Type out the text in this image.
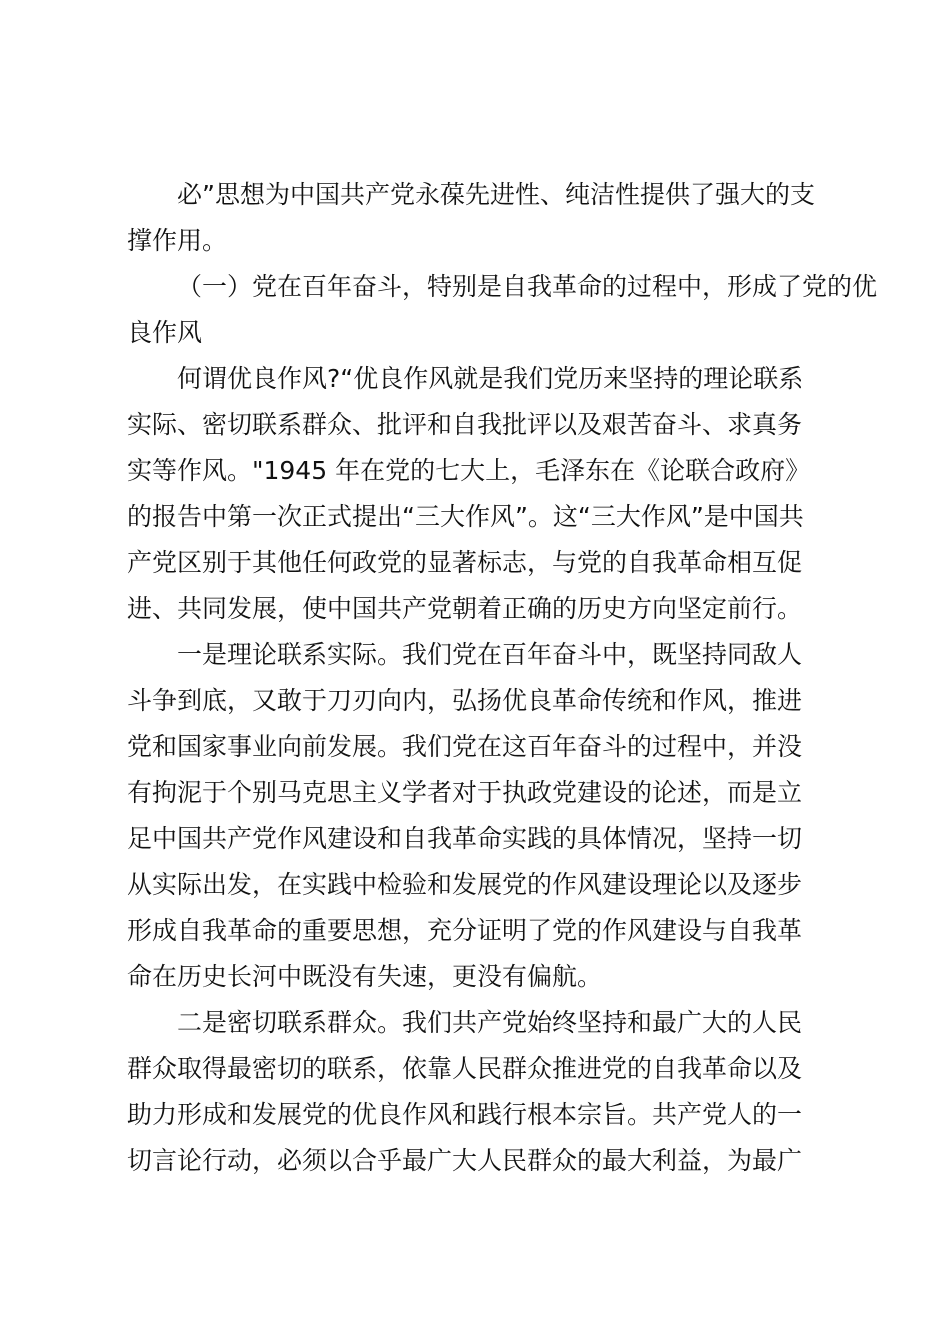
必”思想为中国共产党永葆先进性、纯洁性提供了强大的支
撑作用。
（一）党在百年奋斗，特别是自我革命的过程中，形成了党的优
良作风
何谓优良作风?“优良作风就是我们党历来坚持的理论联系
实际、密切联系群众、批评和自我批评以及艰苦奋斗、求真务
实等作风。"1945 年在党的七大上，毛泽东在《论联合政府》
的报告中第一次正式提出“三大作风”。这“三大作风”是中国共
产党区别于其他任何政党的显著标志，与党的自我革命相互促
进、共同发展，使中国共产党朝着正确的历史方向坚定前行。
一是理论联系实际。我们党在百年奋斗中，既坚持同敌人
斗争到底，又敢于刀刃向内，弘扬优良革命传统和作风，推进
党和国家事业向前发展。我们党在这百年奋斗的过程中，并没
有拘泥于个别马克思主义学者对于执政党建设的论述，而是立
足中国共产党作风建设和自我革命实践的具体情况，坚持一切
从实际出发，在实践中检验和发展党的作风建设理论以及逐步
形成自我革命的重要思想，充分证明了党的作风建设与自我革
命在历史长河中既没有失速，更没有偏航。
二是密切联系群众。我们共产党始终坚持和最广大的人民
群众取得最密切的联系，依靠人民群众推进党的自我革命以及
助力形成和发展党的优良作风和践行根本宗旨。共产党人的一
切言论行动，必须以合乎最广大人民群众的最大利益，为最广
